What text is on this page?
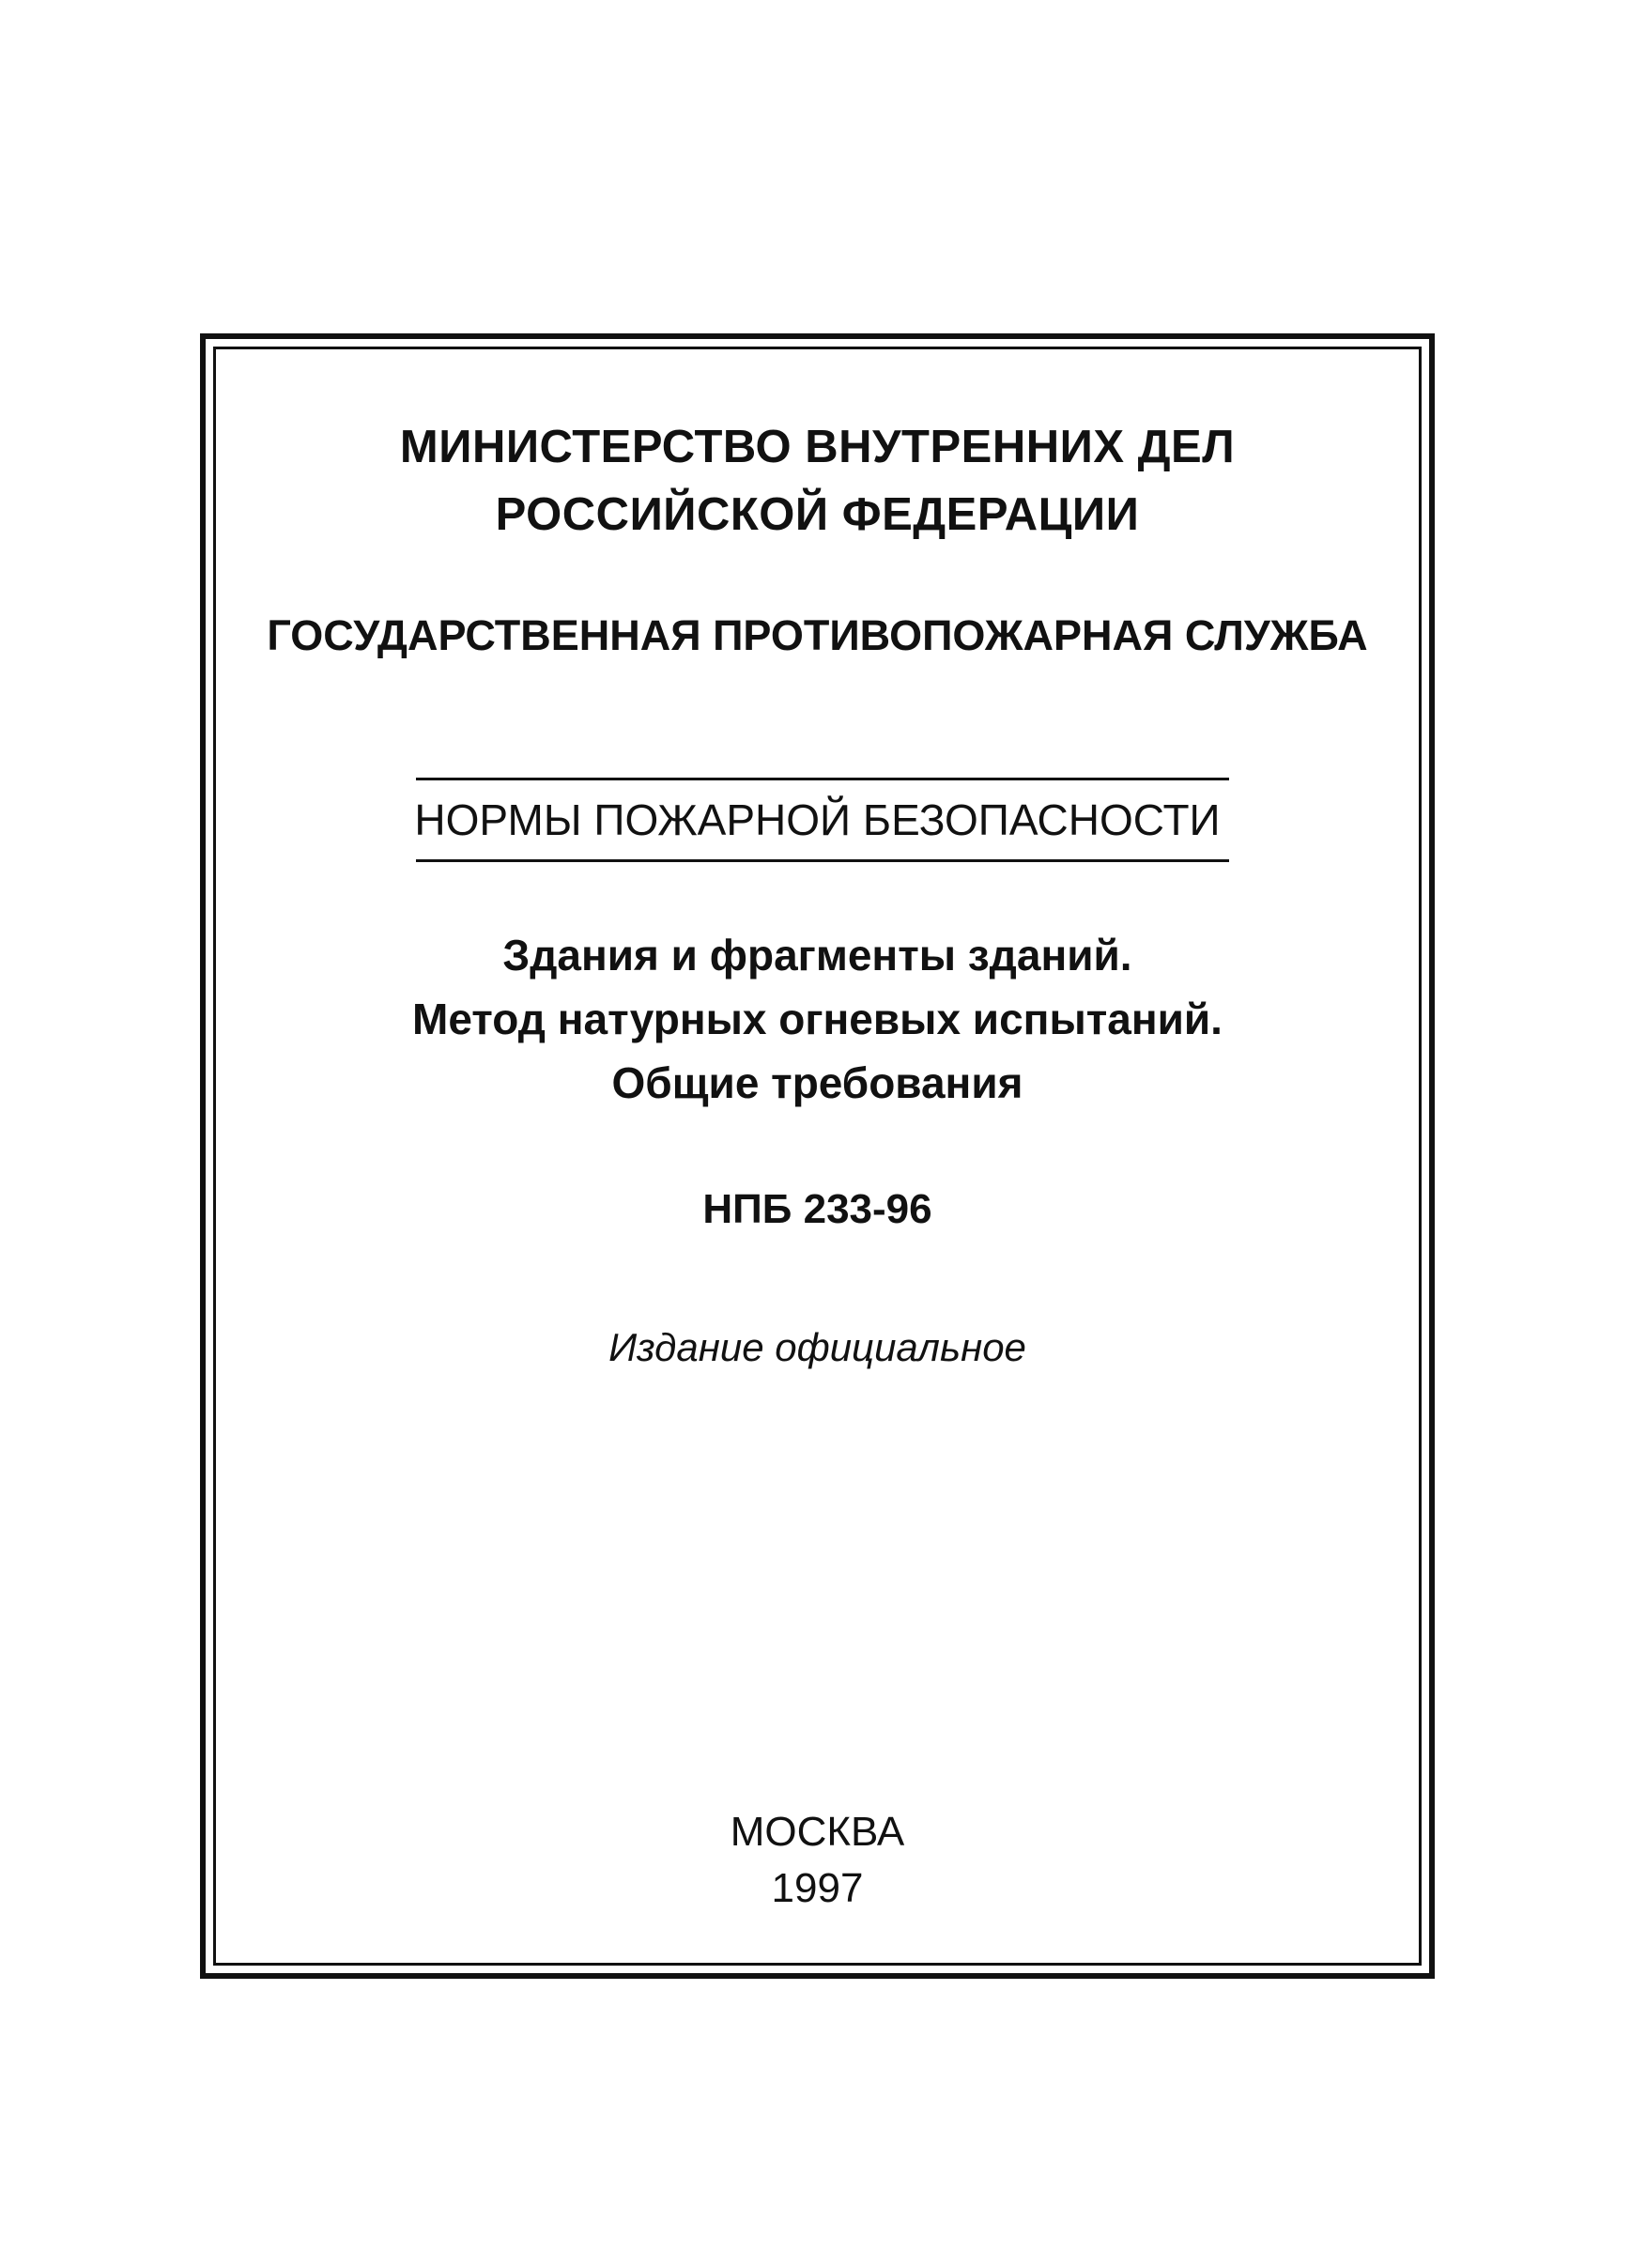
МИНИСТЕРСТВО ВНУТРЕННИХ ДЕЛ
РОССИЙСКОЙ ФЕДЕРАЦИИ
ГОСУДАРСТВЕННАЯ ПРОТИВОПОЖАРНАЯ СЛУЖБА
НОРМЫ ПОЖАРНОЙ БЕЗОПАСНОСТИ
Здания и фрагменты зданий.
Метод натурных огневых испытаний.
Общие требования
НПБ 233-96
Издание официальное
МОСКВА
1997
